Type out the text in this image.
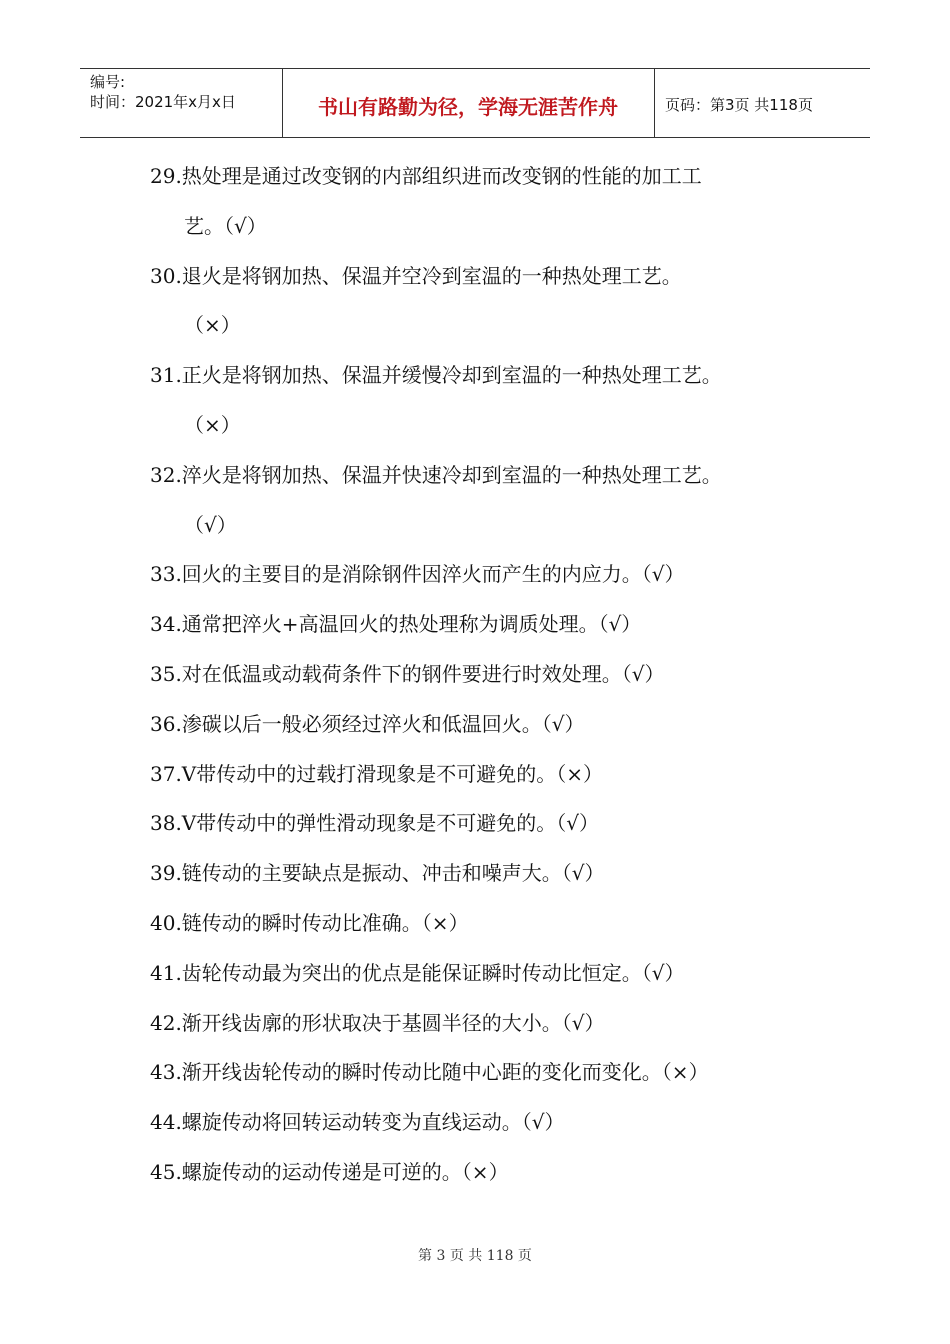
编号:
时间：2021年x月x日	书山有路勤为径，学海无涯苦作舟	页码：第3页 共118页
29.热处理是通过改变钢的内部组织进而改变钢的性能的加工工
艺。（√）
30.退火是将钢加热、保温并空冷到室温的一种热处理工艺。
（×）
31.正火是将钢加热、保温并缓慢冷却到室温的一种热处理工艺。
（×）
32.淬火是将钢加热、保温并快速冷却到室温的一种热处理工艺。
（√）
33.回火的主要目的是消除钢件因淬火而产生的内应力。（√）
34.通常把淬火+高温回火的热处理称为调质处理。（√）
35.对在低温或动载荷条件下的钢件要进行时效处理。（√）
36.渗碳以后一般必须经过淬火和低温回火。（√）
37.V带传动中的过载打滑现象是不可避免的。（×）
38.V带传动中的弹性滑动现象是不可避免的。（√）
39.链传动的主要缺点是振动、冲击和噪声大。（√）
40.链传动的瞬时传动比准确。（×）
41.齿轮传动最为突出的优点是能保证瞬时传动比恒定。（√）
42.渐开线齿廓的形状取决于基圆半径的大小。（√）
43.渐开线齿轮传动的瞬时传动比随中心距的变化而变化。（×）
44.螺旋传动将回转运动转变为直线运动。（√）
45.螺旋传动的运动传递是可逆的。（×）
第 3 页 共 118 页
